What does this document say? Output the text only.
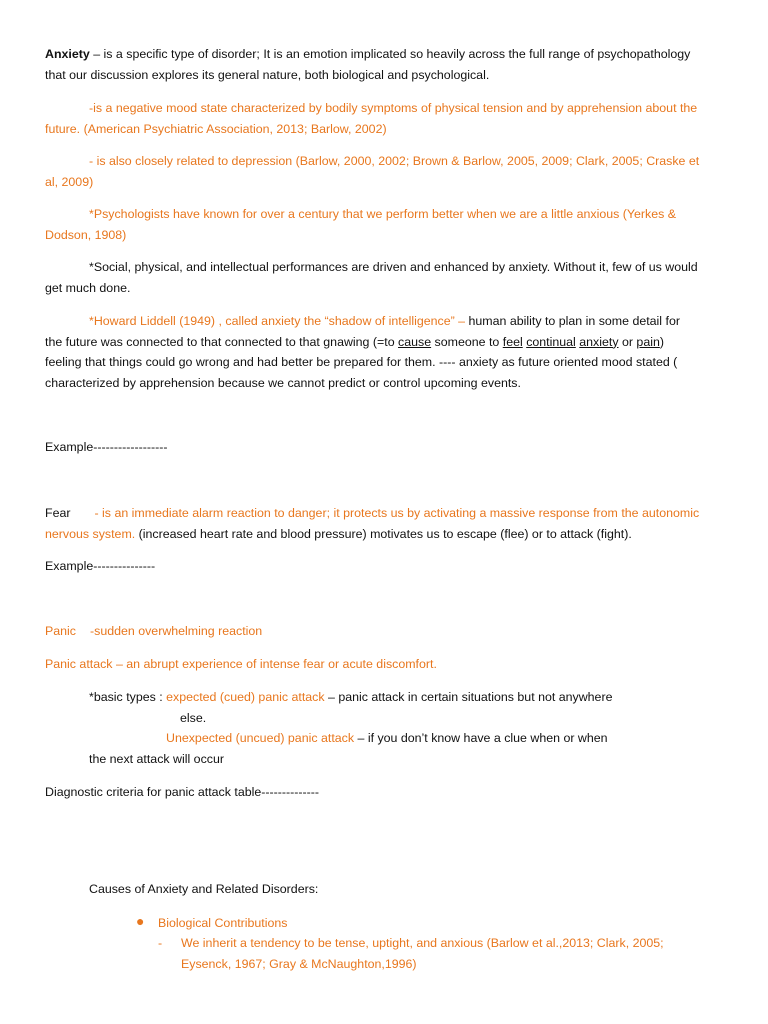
Anxiety – is a specific type of disorder; It is an emotion implicated so heavily across the full range of psychopathology
that our discussion explores its general nature, both biological and psychological.
-is a negative mood state characterized by bodily symptoms of physical tension and by apprehension about the
future. (American Psychiatric Association, 2013; Barlow, 2002)
- is also closely related to depression (Barlow, 2000, 2002; Brown & Barlow, 2005, 2009; Clark, 2005; Craske et
al, 2009)
*Psychologists have known for over a century that we perform better when we are a little anxious (Yerkes &
Dodson, 1908)
*Social, physical, and intellectual performances are driven and enhanced by anxiety. Without it, few of us would
get much done.
*Howard Liddell (1949) , called anxiety the “shadow of intelligence” – human ability to plan in some detail for
the future was connected to that connected to that gnawing (=to cause someone to feel continual anxiety or pain)
feeling that things could go wrong and had better be prepared for them. ---- anxiety as future oriented mood stated (
characterized by apprehension because we cannot predict or control upcoming events.
Example------------------
Fear - is an immediate alarm reaction to danger; it protects us by activating a massive response from the autonomic
nervous system. (increased heart rate and blood pressure) motivates us to escape (flee) or to attack (fight).
Example---------------
Panic -sudden overwhelming reaction
Panic attack – an abrupt experience of intense fear or acute discomfort.
*basic types : expected (cued) panic attack – panic attack in certain situations but not anywhere
else.
Unexpected (uncued) panic attack – if you don’t know have a clue when or when
the next attack will occur
Diagnostic criteria for panic attack table--------------
Causes of Anxiety and Related Disorders:
● Biological Contributions
- We inherit a tendency to be tense, uptight, and anxious (Barlow et al.,2013; Clark, 2005;
Eysenck, 1967; Gray & McNaughton,1996)
